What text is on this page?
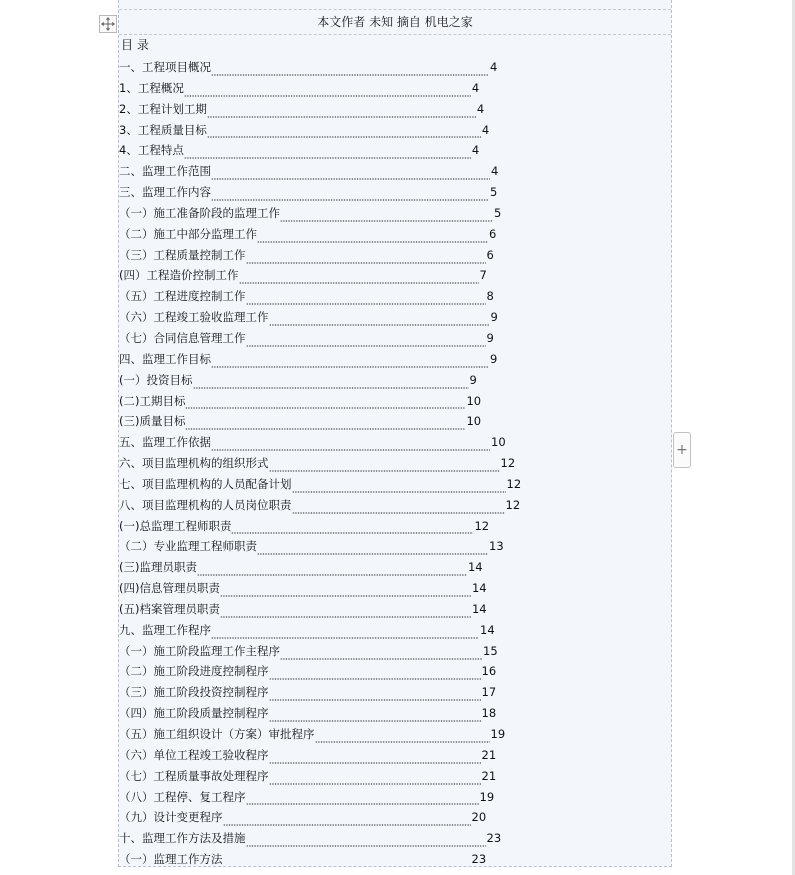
本文作者 未知 摘自 机电之家
目 录
一、工程项目概况	4
1、工程概况	4
2、工程计划工期	4
3、工程质量目标	4
4、工程特点	4
二、监理工作范围	4
三、监理工作内容	5
（一）施工准备阶段的监理工作	5
（二）施工中部分监理工作	6
（三）工程质量控制工作	6
(四）工程造价控制工作	7
（五）工程进度控制工作	8
（六）工程竣工验收监理工作	9
（七）合同信息管理工作	9
四、监理工作目标	9
(一）投资目标	9
(二)工期目标	10
(三)质量目标	10
五、监理工作依据	10
六、项目监理机构的组织形式	12
七、项目监理机构的人员配备计划	12
八、项目监理机构的人员岗位职责	12
(一)总监理工程师职责	12
（二）专业监理工程师职责	13
(三)监理员职责	14
(四)信息管理员职责	14
(五)档案管理员职责	14
九、监理工作程序	14
（一）施工阶段监理工作主程序	15
（二）施工阶段进度控制程序	16
（三）施工阶段投资控制程序	17
（四）施工阶段质量控制程序	18
（五）施工组织设计（方案）审批程序	19
（六）单位工程竣工验收程序	21
（七）工程质量事故处理程序	21
（八）工程停、复工程序	19
（九）设计变更程序	20
十、监理工作方法及措施	23
（一）监理工作方法	23
+
